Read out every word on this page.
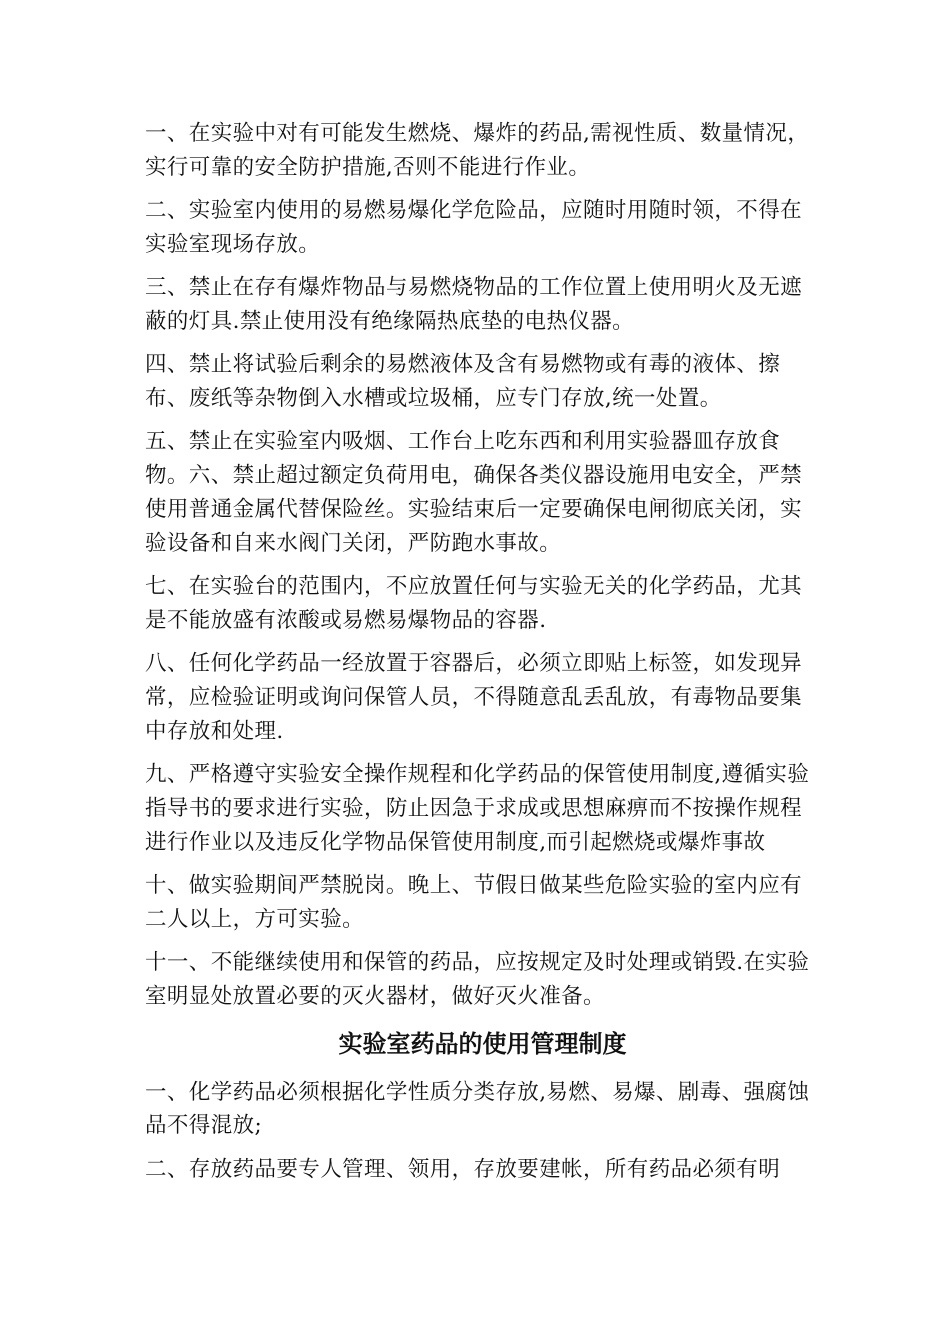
一、在实验中对有可能发生燃烧、爆炸的药品,需视性质、数量情况，实行可靠的安全防护措施,否则不能进行作业。

二、实验室内使用的易燃易爆化学危险品，应随时用随时领，不得在实验室现场存放。

三、禁止在存有爆炸物品与易燃烧物品的工作位置上使用明火及无遮蔽的灯具.禁止使用没有绝缘隔热底垫的电热仪器。

四、禁止将试验后剩余的易燃液体及含有易燃物或有毒的液体、擦布、废纸等杂物倒入水槽或垃圾桶，应专门存放,统一处置。

五、禁止在实验室内吸烟、工作台上吃东西和利用实验器皿存放食物。六、禁止超过额定负荷用电，确保各类仪器设施用电安全，严禁使用普通金属代替保险丝。实验结束后一定要确保电闸彻底关闭，实验设备和自来水阀门关闭，严防跑水事故。

七、在实验台的范围内，不应放置任何与实验无关的化学药品，尤其是不能放盛有浓酸或易燃易爆物品的容器.

八、任何化学药品一经放置于容器后，必须立即贴上标签，如发现异常，应检验证明或询问保管人员，不得随意乱丢乱放，有毒物品要集中存放和处理.

九、严格遵守实验安全操作规程和化学药品的保管使用制度,遵循实验指导书的要求进行实验，防止因急于求成或思想麻痹而不按操作规程进行作业以及违反化学物品保管使用制度,而引起燃烧或爆炸事故

十、做实验期间严禁脱岗。晚上、节假日做某些危险实验的室内应有二人以上，方可实验。

十一、不能继续使用和保管的药品，应按规定及时处理或销毁.在实验室明显处放置必要的灭火器材，做好灭火准备。

实验室药品的使用管理制度

一、化学药品必须根据化学性质分类存放,易燃、易爆、剧毒、强腐蚀品不得混放;

二、存放药品要专人管理、领用，存放要建帐，所有药品必须有明
